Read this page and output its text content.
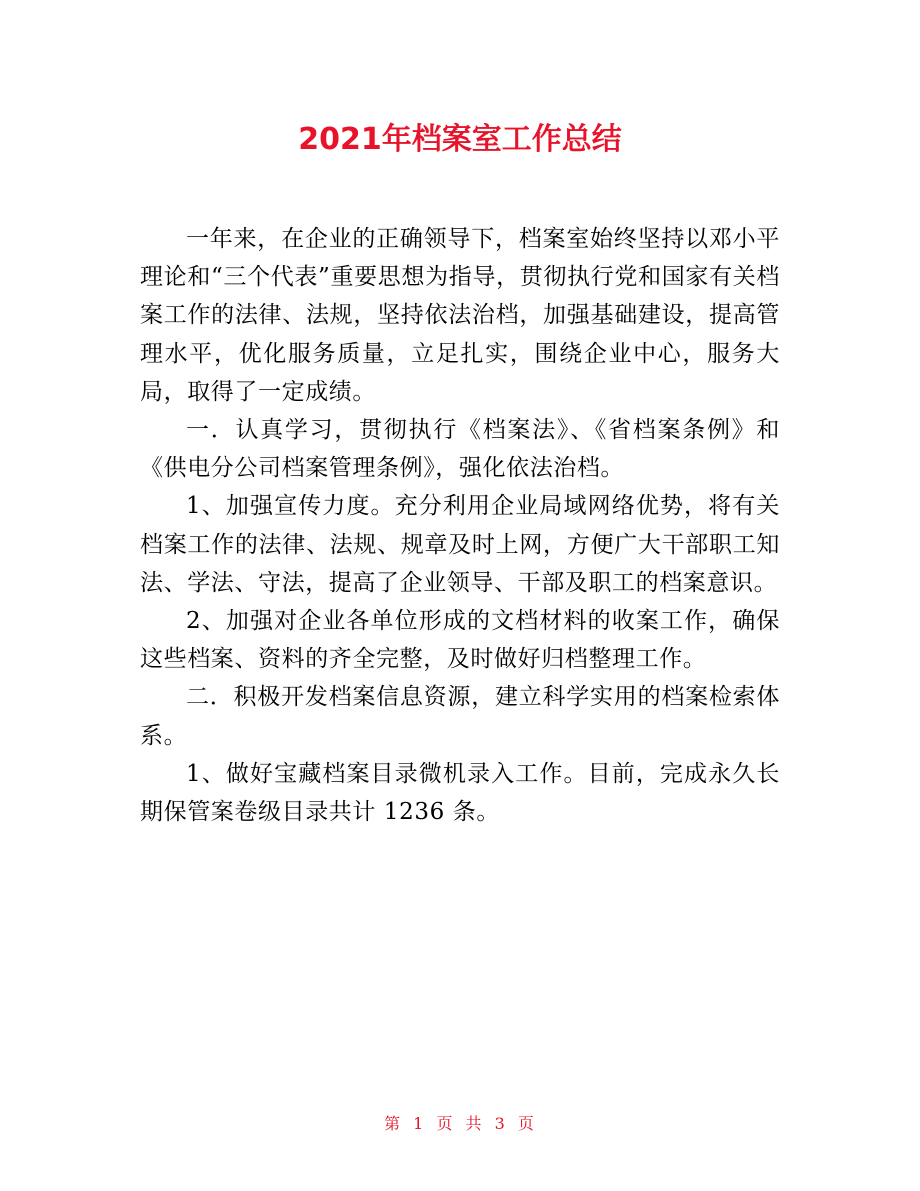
2021年档案室工作总结

一年来，在企业的正确领导下，档案室始终坚持以邓小平理论和“三个代表”重要思想为指导，贯彻执行党和国家有关档案工作的法律、法规，坚持依法治档，加强基础建设，提高管理水平，优化服务质量，立足扎实，围绕企业中心，服务大局，取得了一定成绩。

一．认真学习，贯彻执行《档案法》、《省档案条例》和《供电分公司档案管理条例》，强化依法治档。

1、加强宣传力度。充分利用企业局域网络优势，将有关档案工作的法律、法规、规章及时上网，方便广大干部职工知法、学法、守法，提高了企业领导、干部及职工的档案意识。

2、加强对企业各单位形成的文档材料的收案工作，确保这些档案、资料的齐全完整，及时做好归档整理工作。

二．积极开发档案信息资源，建立科学实用的档案检索体系。

1、做好宝藏档案目录微机录入工作。目前，完成永久长期保管案卷级目录共计 1236 条。

第 1 页 共 3 页
